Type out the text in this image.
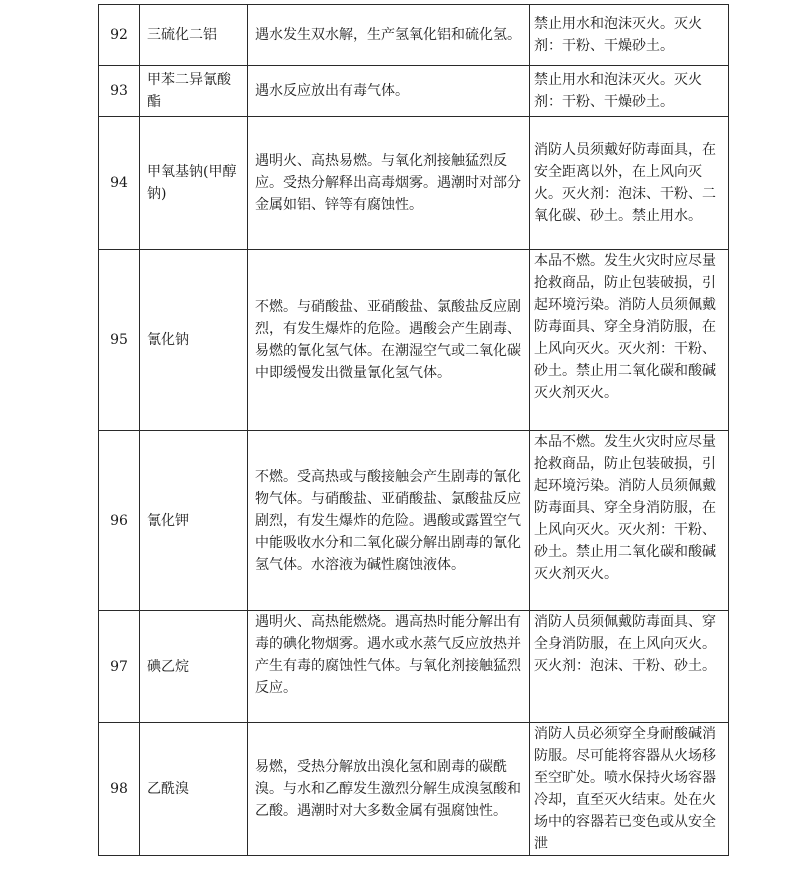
92	三硫化二铝	遇水发生双水解，生产氢氧化铝和硫化氢。	禁止用水和泡沫灭火。灭火剂：干粉、干燥砂土。

93	甲苯二异氰酸酯	遇水反应放出有毒气体。	禁止用水和泡沫灭火。灭火剂：干粉、干燥砂土。

94	甲氧基钠(甲醇钠)	遇明火、高热易燃。与氧化剂接触猛烈反应。受热分解释出高毒烟雾。遇潮时对部分金属如铝、锌等有腐蚀性。	消防人员须戴好防毒面具，在安全距离以外，在上风向灭火。灭火剂：泡沫、干粉、二氧化碳、砂土。禁止用水。

95	氰化钠	不燃。与硝酸盐、亚硝酸盐、氯酸盐反应剧烈，有发生爆炸的危险。遇酸会产生剧毒、易燃的氰化氢气体。在潮湿空气或二氧化碳中即缓慢发出微量氰化氢气体。	本品不燃。发生火灾时应尽量抢救商品，防止包装破损，引起环境污染。消防人员须佩戴防毒面具、穿全身消防服，在上风向灭火。灭火剂：干粉、砂土。禁止用二氧化碳和酸碱灭火剂灭火。

96	氰化钾	不燃。受高热或与酸接触会产生剧毒的氰化物气体。与硝酸盐、亚硝酸盐、氯酸盐反应剧烈，有发生爆炸的危险。遇酸或露置空气中能吸收水分和二氧化碳分解出剧毒的氰化氢气体。水溶液为碱性腐蚀液体。	本品不燃。发生火灾时应尽量抢救商品，防止包装破损，引起环境污染。消防人员须佩戴防毒面具、穿全身消防服，在上风向灭火。灭火剂：干粉、砂土。禁止用二氧化碳和酸碱灭火剂灭火。

97	碘乙烷	遇明火、高热能燃烧。遇高热时能分解出有毒的碘化物烟雾。遇水或水蒸气反应放热并产生有毒的腐蚀性气体。与氧化剂接触猛烈反应。	消防人员须佩戴防毒面具、穿全身消防服，在上风向灭火。灭火剂：泡沫、干粉、砂土。

98	乙酰溴	易燃，受热分解放出溴化氢和剧毒的碳酰溴。与水和乙醇发生激烈分解生成溴氢酸和乙酸。遇潮时对大多数金属有强腐蚀性。	消防人员必须穿全身耐酸碱消防服。尽可能将容器从火场移至空旷处。喷水保持火场容器冷却，直至灭火结束。处在火场中的容器若已变色或从安全泄
